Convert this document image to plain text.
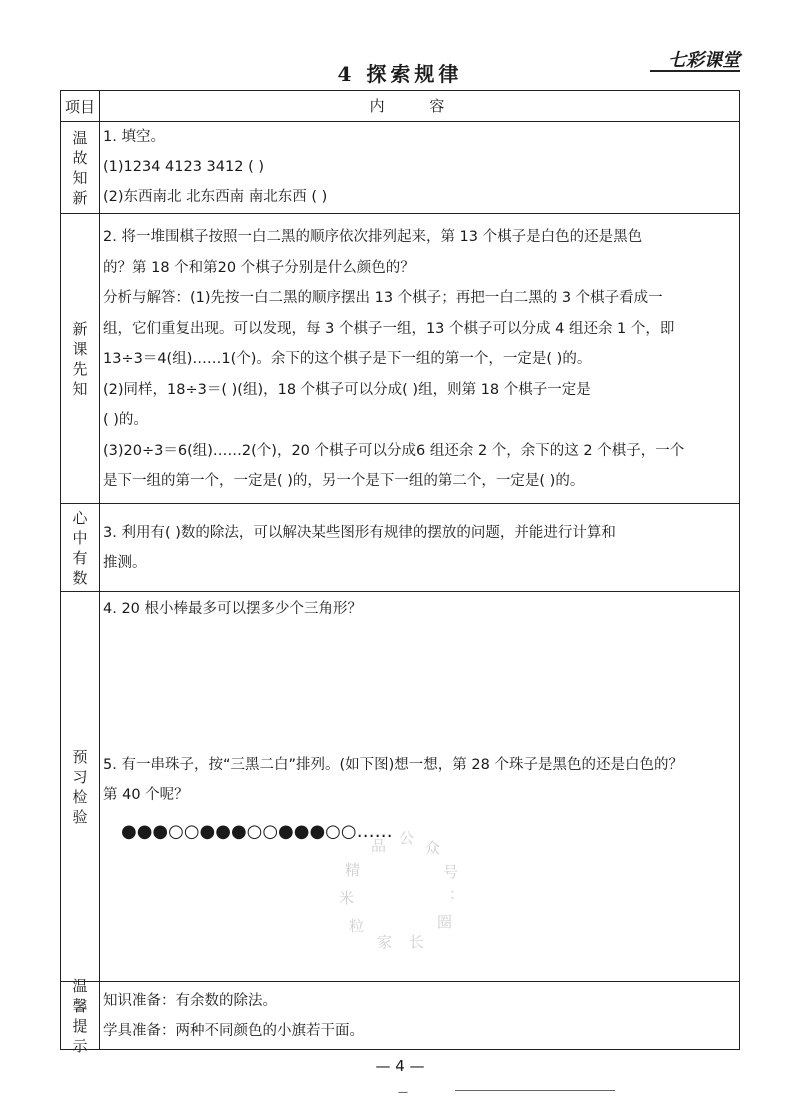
4 探索规律
七彩课堂
项目	内 容
温故知新

1. 填空。

(1)1234 4123 3412 ( )

(2)东西南北 北东西南 南北东西 ( )

新课先知

2. 将一堆围棋子按照一白二黑的顺序依次排列起来，第 13 个棋子是白色的还是黑色

的？第 18 个和第20 个棋子分别是什么颜色的？

分析与解答：(1)先按一白二黑的顺序摆出 13 个棋子；再把一白二黑的 3 个棋子看成一

组，它们重复出现。可以发现，每 3 个棋子一组，13 个棋子可以分成 4 组还余 1 个，即

13÷3＝4(组)……1(个)。余下的这个棋子是下一组的第一个，一定是( )的。

(2)同样，18÷3＝( )(组)，18 个棋子可以分成( )组，则第 18 个棋子一定是

( )的。

(3)20÷3＝6(组)……2(个)，20 个棋子可以分成6 组还余 2 个，余下的这 2 个棋子，一个

是下一组的第一个，一定是( )的，另一个是下一组的第二个，一定是( )的。

心中有数

3. 利用有( )数的除法，可以解决某些图形有规律的摆放的问题，并能进行计算和

推测。

预习检验

4. 20 根小棒最多可以摆多少个三角形？

5. 有一串珠子，按“三黑二白”排列。(如下图)想一想，第 28 个珠子是黑色的还是白色的？

第 40 个呢？

●●●○○●●●○○●●●○○……
温馨提示

知识准备：有余数的除法。

学具准备：两种不同颜色的小旗若干面。

精
品 公
众
号
：
米
粒
家 长
圈
— 4 —
—
